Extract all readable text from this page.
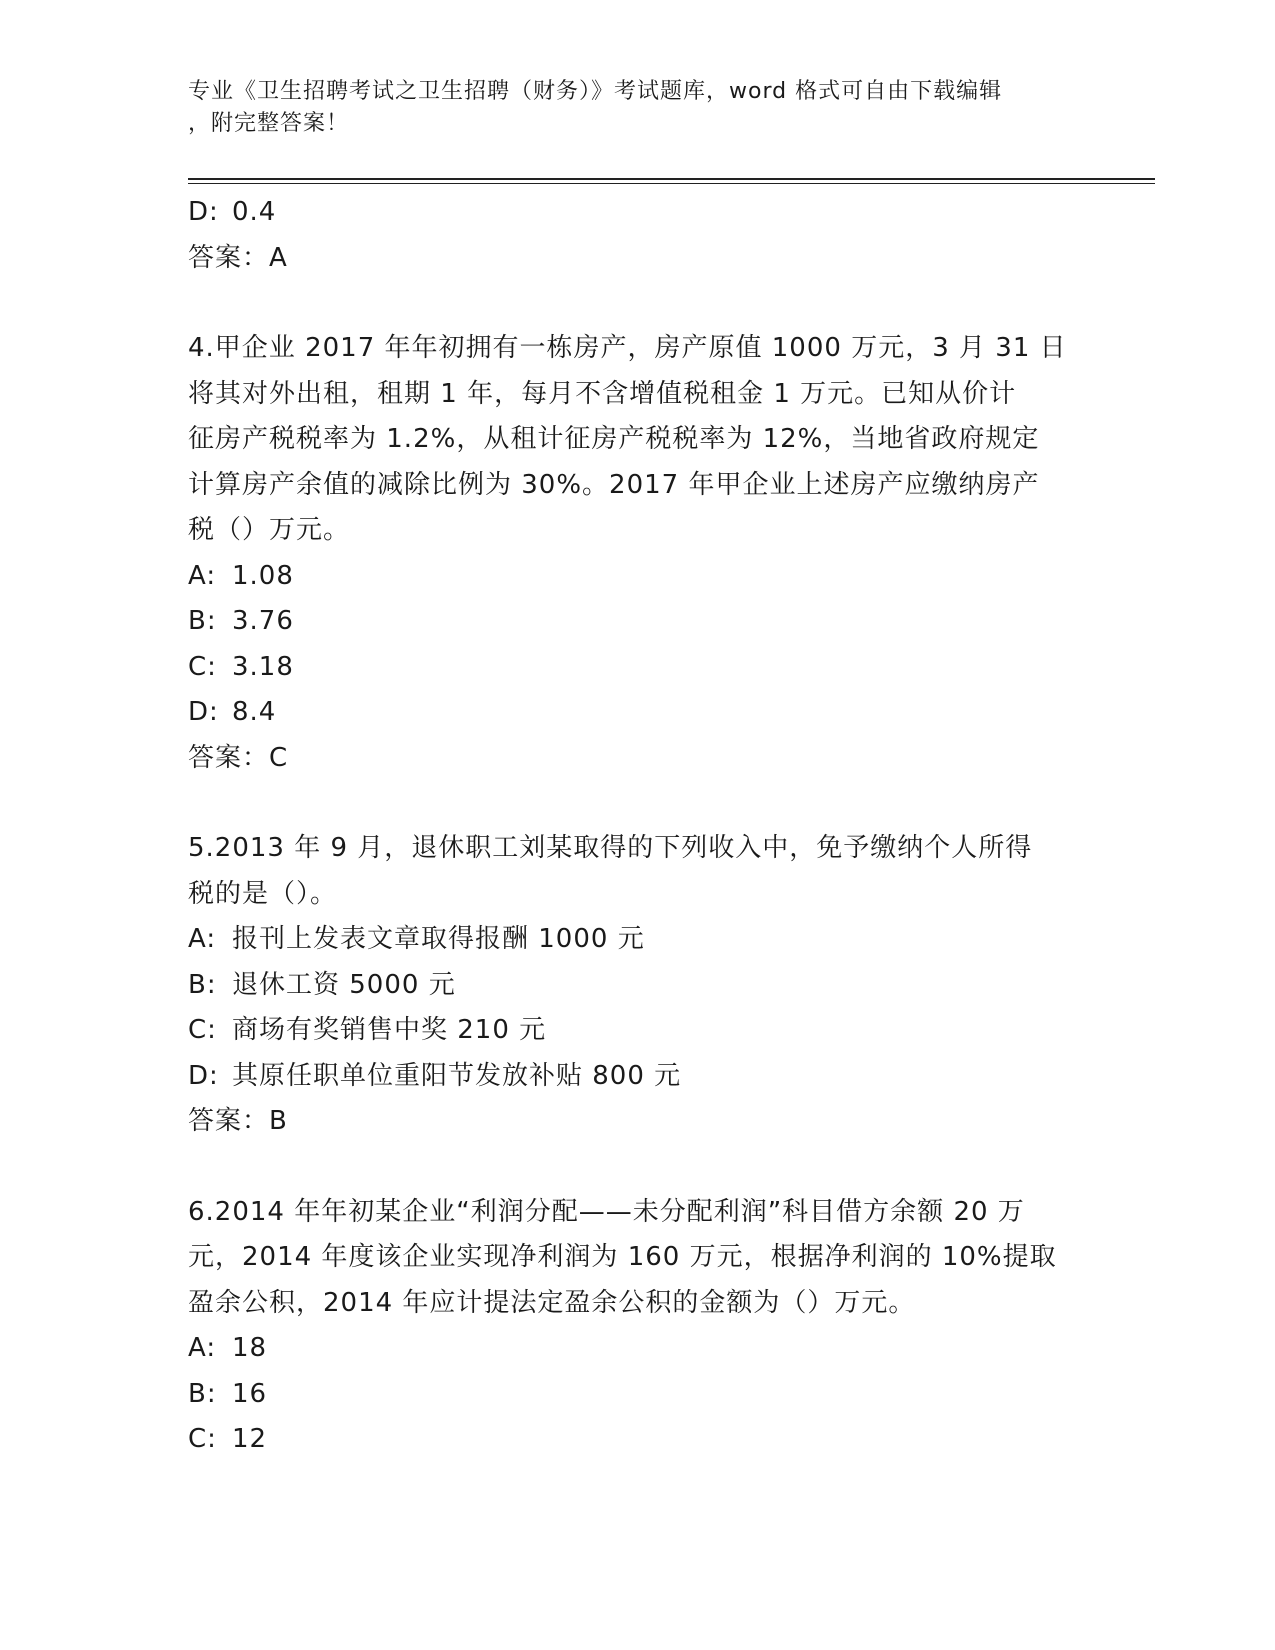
专业《卫生招聘考试之卫生招聘（财务）》考试题库，word 格式可自由下载编辑
，附完整答案！

D: 0.4

答案：A

4.甲企业 2017 年年初拥有一栋房产，房产原值 1000 万元，3 月 31 日

将其对外出租，租期 1 年，每月不含增值税租金 1 万元。已知从价计

征房产税税率为 1.2%，从租计征房产税税率为 12%，当地省政府规定

计算房产余值的减除比例为 30%。2017 年甲企业上述房产应缴纳房产

税（）万元。

A: 1.08

B: 3.76

C: 3.18

D: 8.4

答案：C

5.2013 年 9 月，退休职工刘某取得的下列收入中，免予缴纳个人所得

税的是（）。

A: 报刊上发表文章取得报酬 1000 元

B: 退休工资 5000 元

C: 商场有奖销售中奖 210 元

D: 其原任职单位重阳节发放补贴 800 元

答案：B

6.2014 年年初某企业“利润分配——未分配利润”科目借方余额 20 万

元，2014 年度该企业实现净利润为 160 万元，根据净利润的 10%提取

盈余公积，2014 年应计提法定盈余公积的金额为（）万元。

A: 18

B: 16

C: 12
